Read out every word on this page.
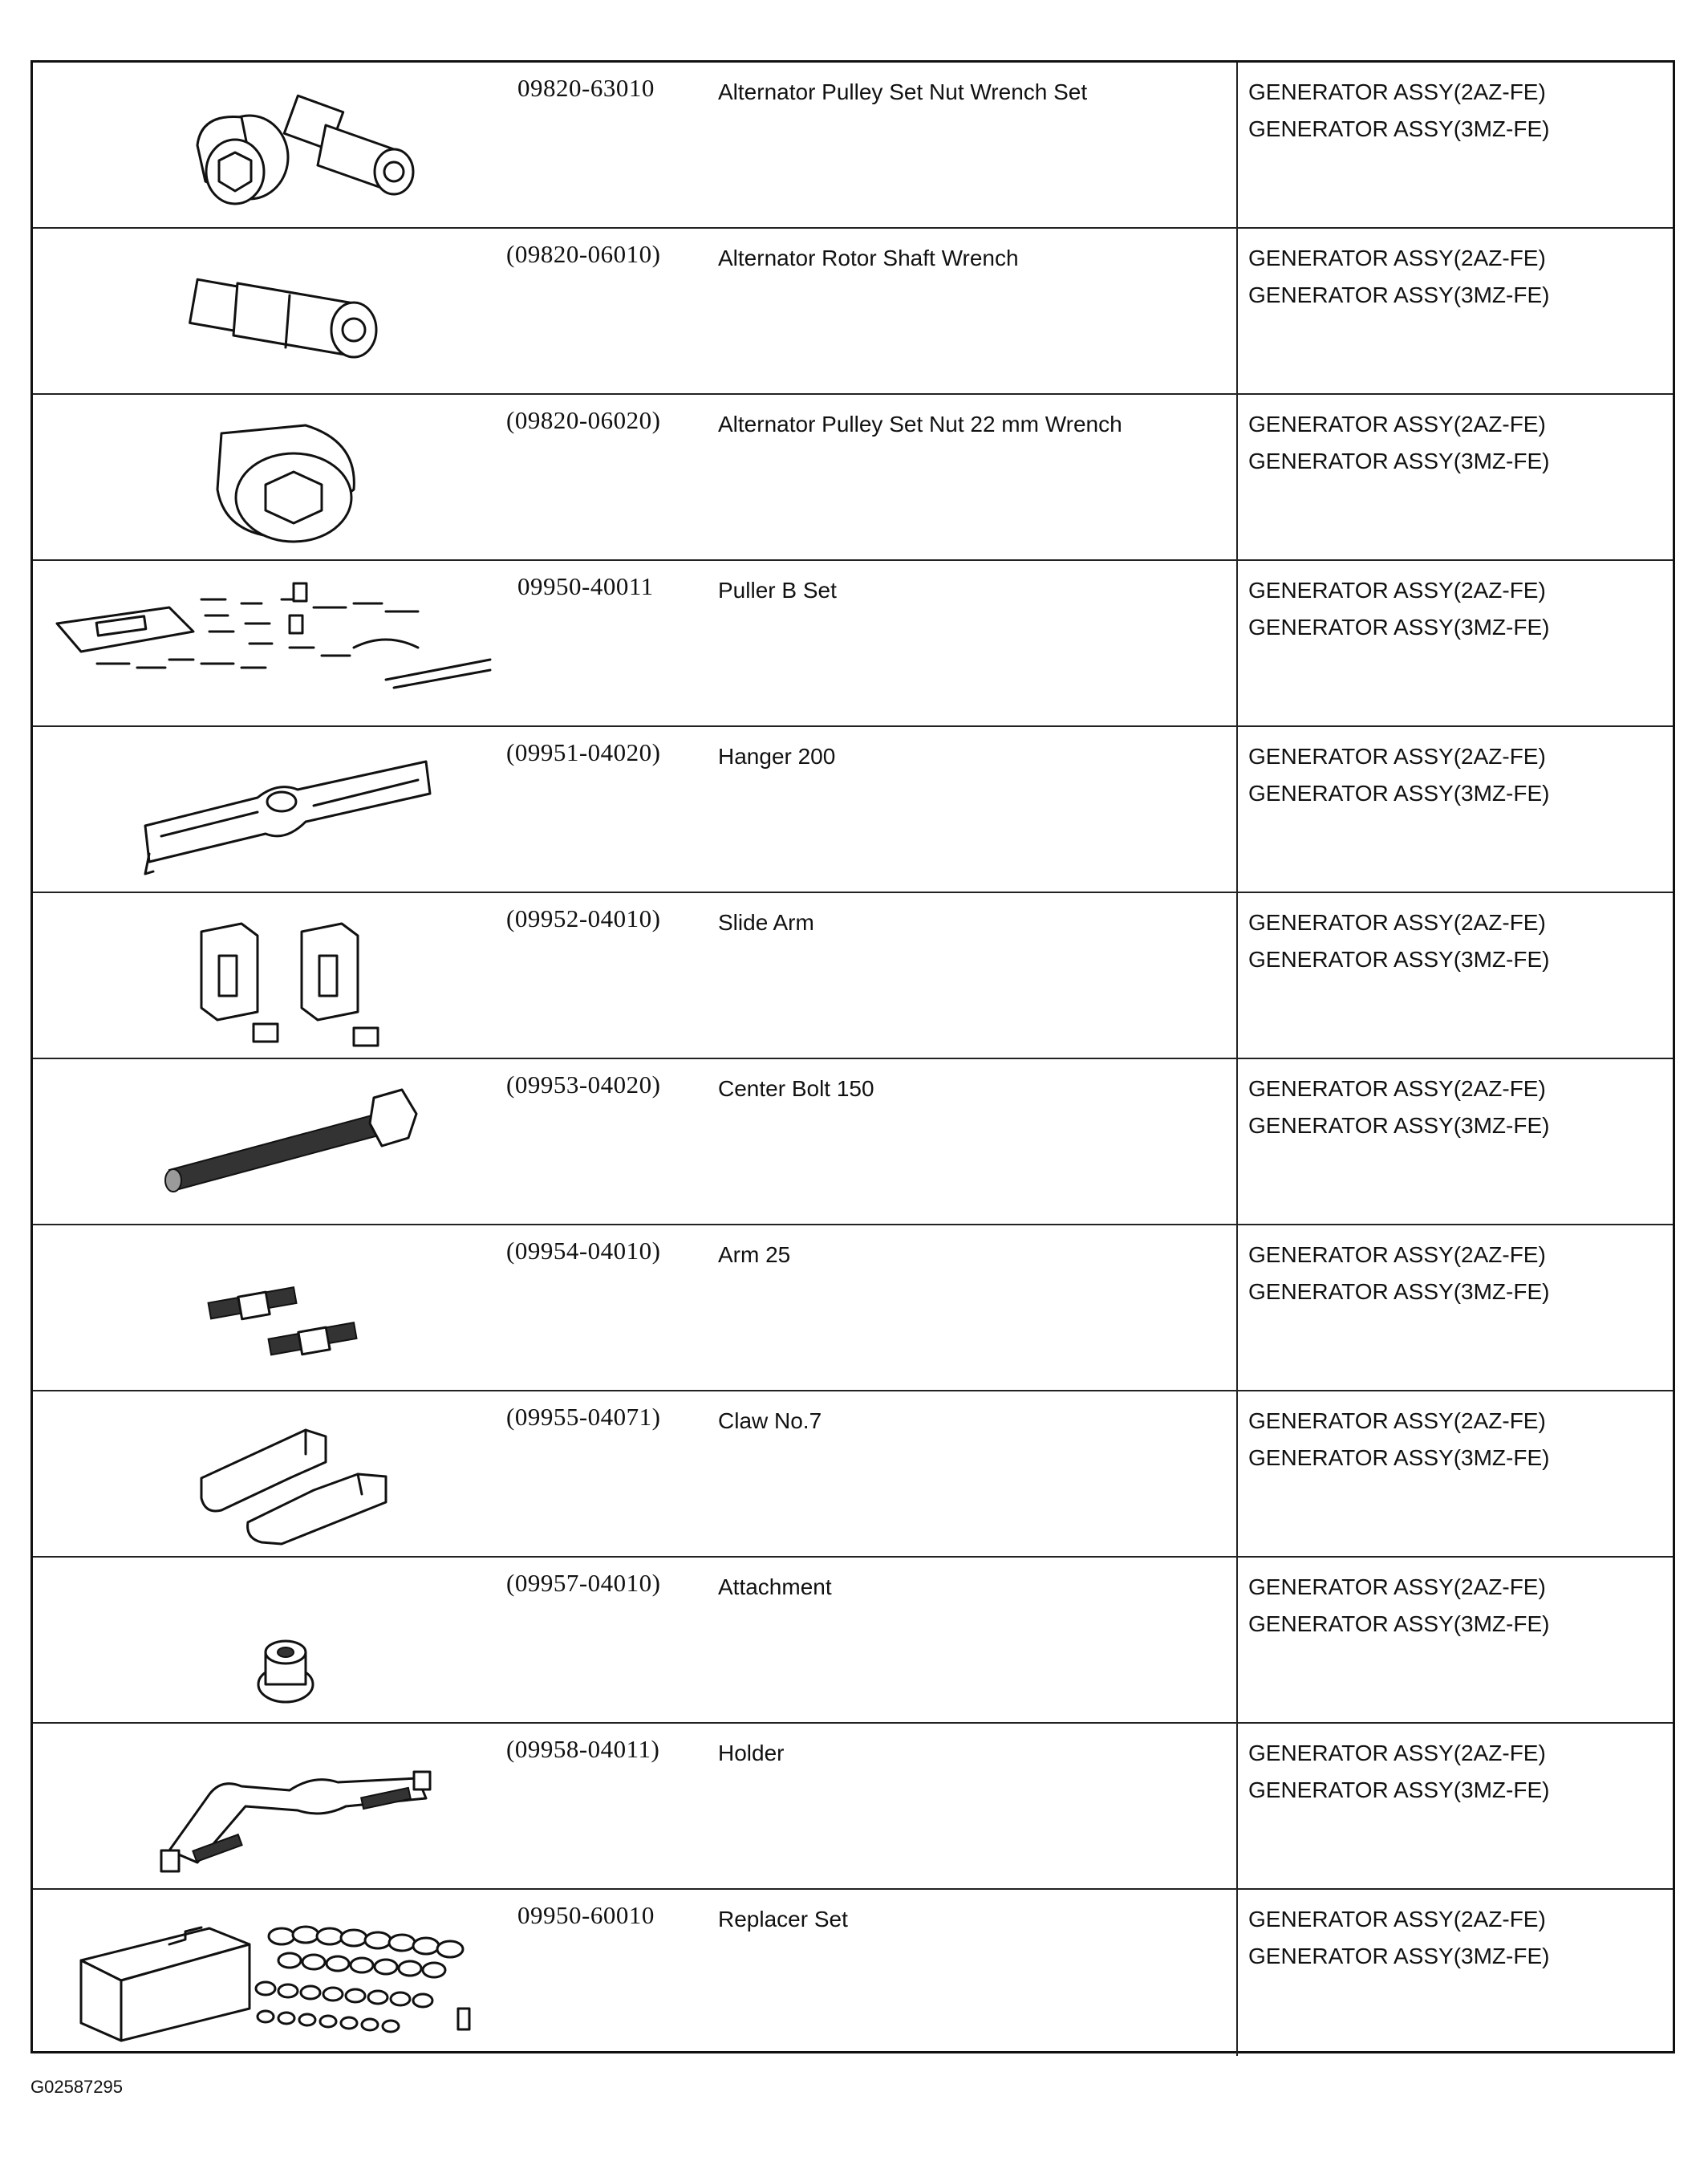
09820-63010	Alternator Pulley Set Nut Wrench Set	GENERATOR ASSY(2AZ-FE)
GENERATOR ASSY(3MZ-FE)
(09820-06010)	Alternator Rotor Shaft Wrench	GENERATOR ASSY(2AZ-FE)
GENERATOR ASSY(3MZ-FE)
(09820-06020)	Alternator Pulley Set Nut 22 mm Wrench	GENERATOR ASSY(2AZ-FE)
GENERATOR ASSY(3MZ-FE)
09950-40011	Puller B Set	GENERATOR ASSY(2AZ-FE)
GENERATOR ASSY(3MZ-FE)
(09951-04020)	Hanger 200	GENERATOR ASSY(2AZ-FE)
GENERATOR ASSY(3MZ-FE)
(09952-04010)	Slide Arm	GENERATOR ASSY(2AZ-FE)
GENERATOR ASSY(3MZ-FE)
(09953-04020)	Center Bolt 150	GENERATOR ASSY(2AZ-FE)
GENERATOR ASSY(3MZ-FE)
(09954-04010)	Arm 25	GENERATOR ASSY(2AZ-FE)
GENERATOR ASSY(3MZ-FE)
(09955-04071)	Claw No.7	GENERATOR ASSY(2AZ-FE)
GENERATOR ASSY(3MZ-FE)
(09957-04010)	Attachment	GENERATOR ASSY(2AZ-FE)
GENERATOR ASSY(3MZ-FE)
(09958-04011)	Holder	GENERATOR ASSY(2AZ-FE)
GENERATOR ASSY(3MZ-FE)
09950-60010	Replacer Set	GENERATOR ASSY(2AZ-FE)
GENERATOR ASSY(3MZ-FE)
G02587295
